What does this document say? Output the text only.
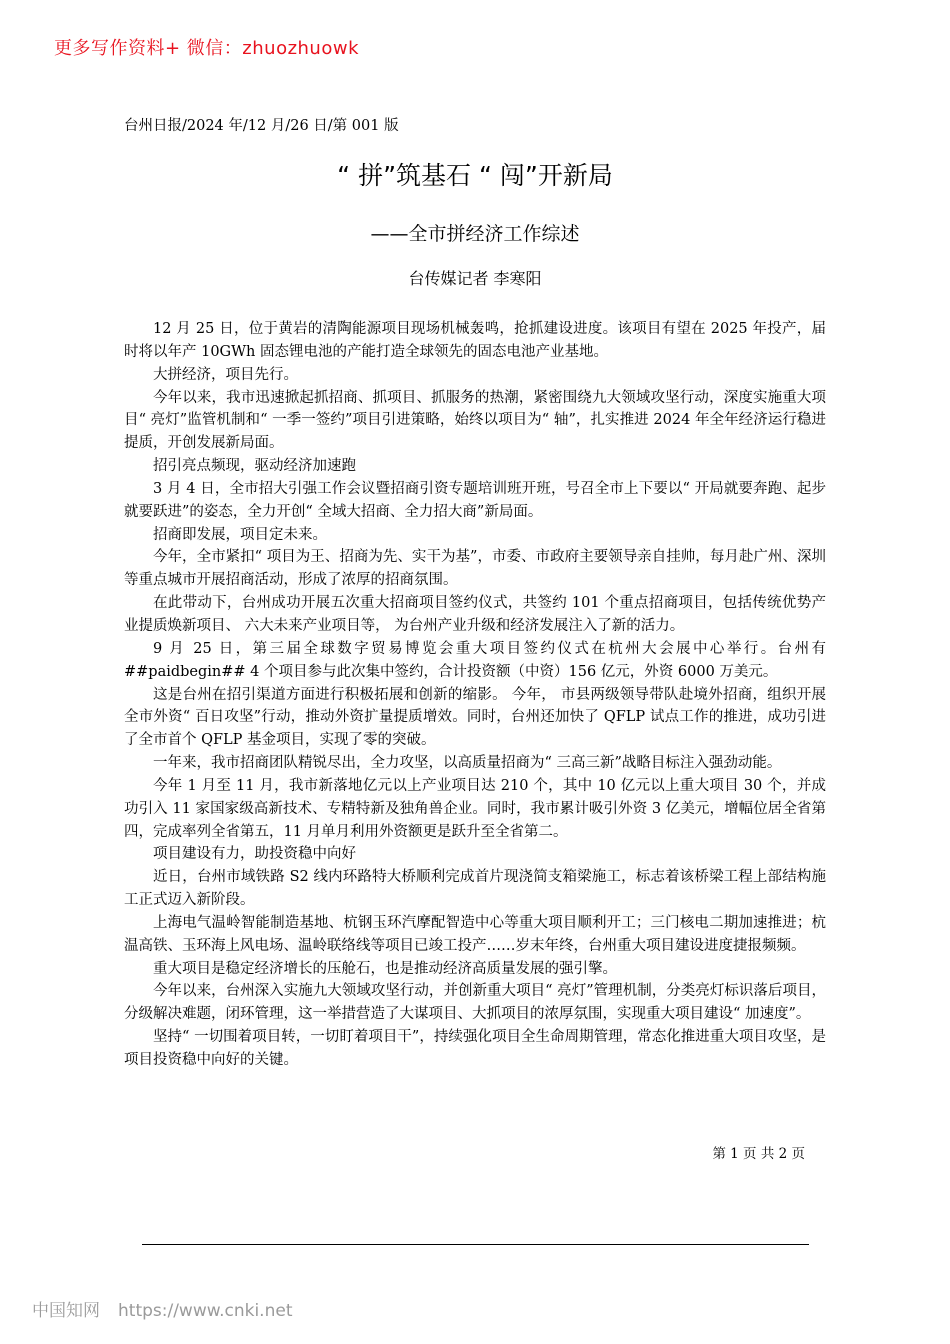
更多写作资料+ 微信：zhuozhuowk
台州日报/2024 年/12 月/26 日/第 001 版
“ 拼”筑基石 “ 闯”开新局
——全市拼经济工作综述
台传媒记者 李寒阳

12 月 25 日，位于黄岩的清陶能源项目现场机械轰鸣，抢抓建设进度。该项目有望在 2025 年投产，届时将以年产 10GWh 固态锂电池的产能打造全球领先的固态电池产业基地。

大拼经济，项目先行。

今年以来，我市迅速掀起抓招商、抓项目、抓服务的热潮，紧密围绕九大领域攻坚行动，深度实施重大项目“ 亮灯”监管机制和“ 一季一签约”项目引进策略，始终以项目为“ 轴”，扎实推进 2024 年全年经济运行稳进提质，开创发展新局面。

招引亮点频现，驱动经济加速跑

3 月 4 日，全市招大引强工作会议暨招商引资专题培训班开班，号召全市上下要以“ 开局就要奔跑、起步就要跃进”的姿态，全力开创“ 全域大招商、全力招大商”新局面。

招商即发展，项目定未来。

今年，全市紧扣“ 项目为王、招商为先、实干为基”，市委、市政府主要领导亲自挂帅，每月赴广州、深圳等重点城市开展招商活动，形成了浓厚的招商氛围。

在此带动下，台州成功开展五次重大招商项目签约仪式，共签约 101 个重点招商项目，包括传统优势产业提质焕新项目、 六大未来产业项目等， 为台州产业升级和经济发展注入了新的活力。

9 月 25 日，第三届全球数字贸易博览会重大项目签约仪式在杭州大会展中心举行。台州有##paidbegin## 4 个项目参与此次集中签约，合计投资额（中资）156 亿元，外资 6000 万美元。

这是台州在招引渠道方面进行积极拓展和创新的缩影。 今年， 市县两级领导带队赴境外招商，组织开展全市外资“ 百日攻坚”行动，推动外资扩量提质增效。同时，台州还加快了 QFLP 试点工作的推进，成功引进了全市首个 QFLP 基金项目，实现了零的突破。

一年来，我市招商团队精锐尽出，全力攻坚，以高质量招商为“ 三高三新”战略目标注入强劲动能。

今年 1 月至 11 月，我市新落地亿元以上产业项目达 210 个，其中 10 亿元以上重大项目 30 个，并成功引入 11 家国家级高新技术、专精特新及独角兽企业。同时，我市累计吸引外资 3 亿美元，增幅位居全省第四，完成率列全省第五，11 月单月利用外资额更是跃升至全省第二。

项目建设有力，助投资稳中向好

近日，台州市域铁路 S2 线内环路特大桥顺利完成首片现浇简支箱梁施工，标志着该桥梁工程上部结构施工正式迈入新阶段。

上海电气温岭智能制造基地、杭钢玉环汽摩配智造中心等重大项目顺利开工；三门核电二期加速推进；杭温高铁、玉环海上风电场、温岭联络线等项目已竣工投产……岁末年终，台州重大项目建设进度捷报频频。

重大项目是稳定经济增长的压舱石，也是推动经济高质量发展的强引擎。

今年以来，台州深入实施九大领域攻坚行动，并创新重大项目“ 亮灯”管理机制，分类亮灯标识落后项目，分级解决难题，闭环管理，这一举措营造了大谋项目、大抓项目的浓厚氛围，实现重大项目建设“ 加速度”。

坚持“ 一切围着项目转，一切盯着项目干”，持续强化项目全生命周期管理，常态化推进重大项目攻坚，是项目投资稳中向好的关键。

第 1 页 共 2 页
中国知网 https://www.cnki.net
